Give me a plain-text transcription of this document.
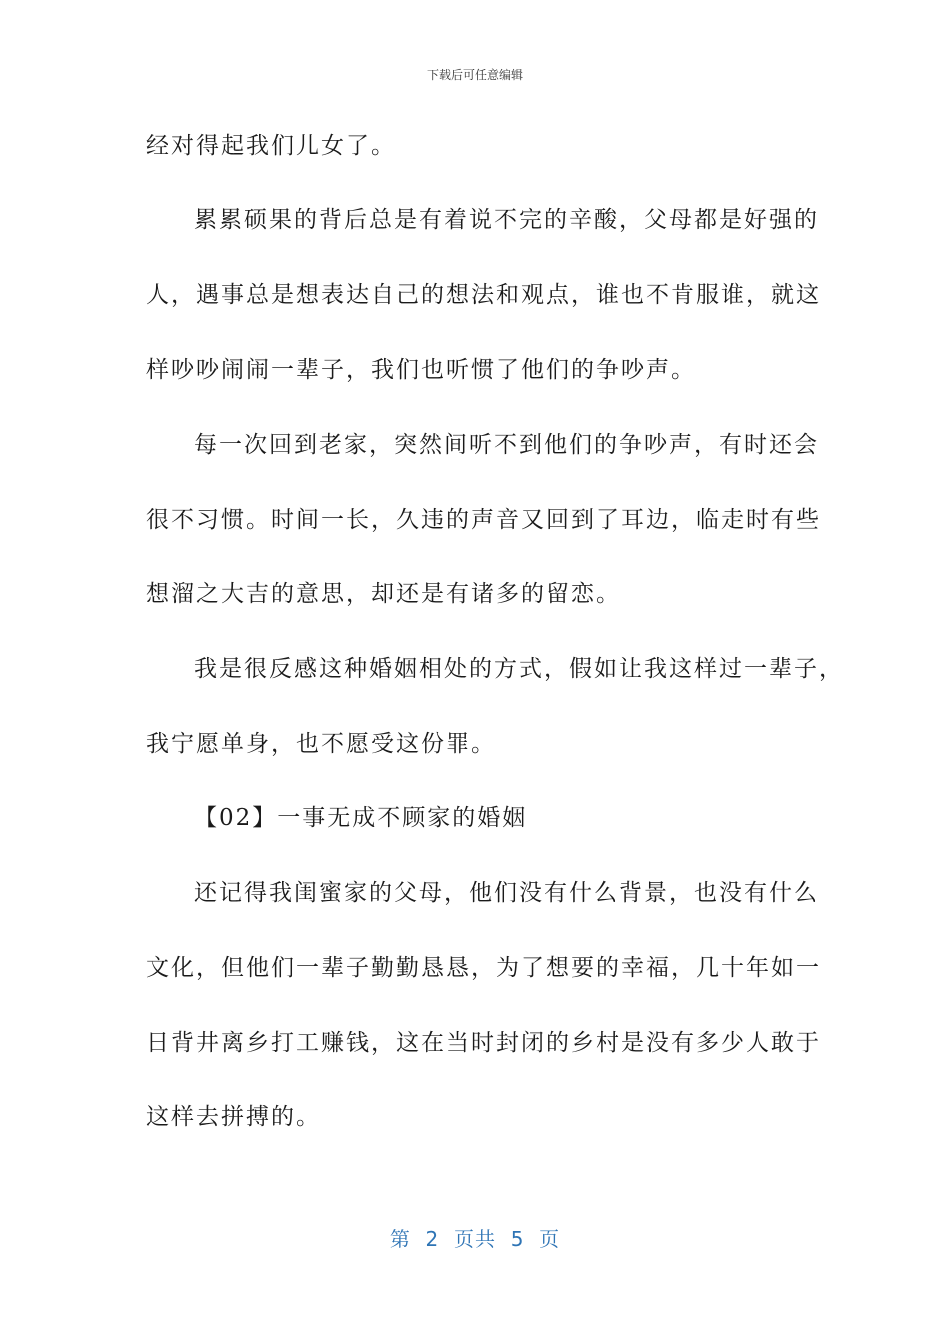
下载后可任意编辑
经对得起我们儿女了。
累累硕果的背后总是有着说不完的辛酸，父母都是好强的
人，遇事总是想表达自己的想法和观点，谁也不肯服谁，就这
样吵吵闹闹一辈子，我们也听惯了他们的争吵声。
每一次回到老家，突然间听不到他们的争吵声，有时还会
很不习惯。时间一长，久违的声音又回到了耳边，临走时有些
想溜之大吉的意思，却还是有诸多的留恋。
我是很反感这种婚姻相处的方式，假如让我这样过一辈子，
我宁愿单身，也不愿受这份罪。
【02】一事无成不顾家的婚姻
还记得我闺蜜家的父母，他们没有什么背景，也没有什么
文化，但他们一辈子勤勤恳恳，为了想要的幸福，几十年如一
日背井离乡打工赚钱，这在当时封闭的乡村是没有多少人敢于
这样去拼搏的。
第  2  页共  5  页
